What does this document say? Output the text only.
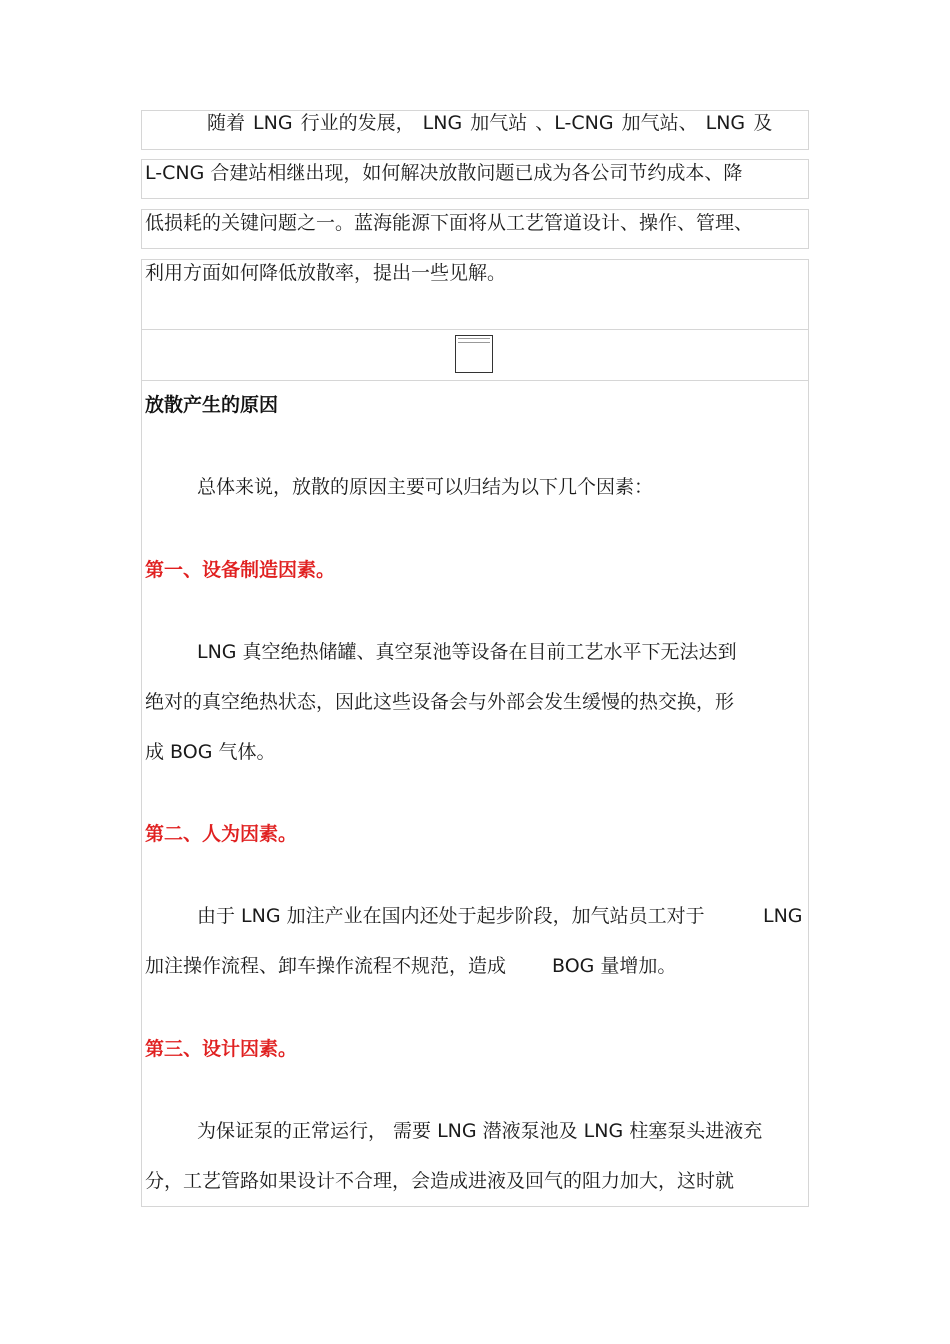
随着 LNG 行业的发展， LNG 加气站 、L-CNG 加气站、 LNG 及
L-CNG 合建站相继出现，如何解决放散问题已成为各公司节约成本、降
低损耗的关键问题之一。蓝海能源下面将从工艺管道设计、操作、管理、
利用方面如何降低放散率，提出一些见解。
放散产生的原因
总体来说，放散的原因主要可以归结为以下几个因素：
第一、设备制造因素。
LNG 真空绝热储罐、真空泵池等设备在目前工艺水平下无法达到
绝对的真空绝热状态，因此这些设备会与外部会发生缓慢的热交换，形
成 BOG 气体。
第二、人为因素。
由于 LNG 加注产业在国内还处于起步阶段，加气站员工对于	LNG
加注操作流程、卸车操作流程不规范，造成 BOG 量增加。
第三、设计因素。
为保证泵的正常运行， 需要 LNG 潜液泵池及 LNG 柱塞泵头进液充
分，工艺管路如果设计不合理，会造成进液及回气的阻力加大，这时就
